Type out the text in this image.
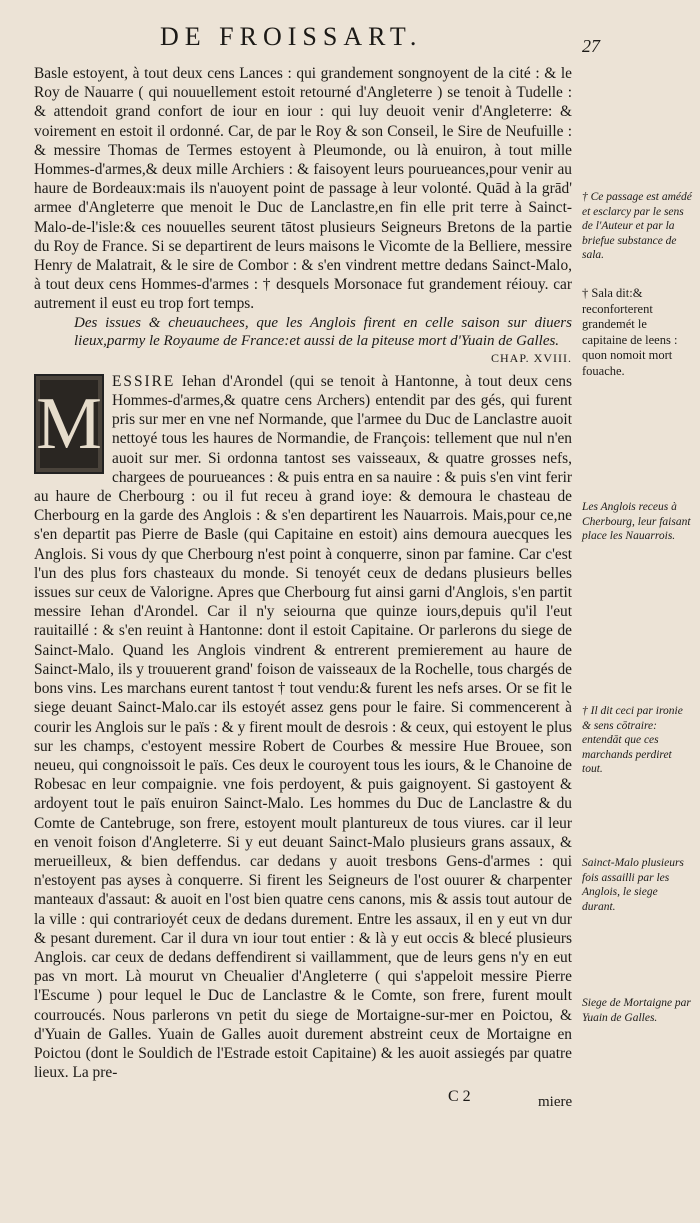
DE FROISSART.	27

Basle estoyent, à tout deux cens Lances : qui grandement songnoyent de la cité : & le Roy de Nauarre ( qui nouuellement estoit retourné d'Angleterre ) se tenoit à Tudelle : & attendoit grand confort de iour en iour : qui luy deuoit venir d'Angleterre: & voirement en estoit il ordonné. Car, de par le Roy & son Conseil, le Sire de Neufuille : & messire Thomas de Termes estoyent à Pleumonde, ou là enuiron, à tout mille Hommes-d'armes,& deux mille Archiers : & faisoyent leurs pourueances,pour venir au haure de Bordeaux:mais ils n'auoyent point de passage à leur volonté. Quād à la grād' armee d'Angleterre que menoit le Duc de Lanclastre,en fin elle prit terre à Sainct-Malo-de-l'isle:& ces nouuelles seurent tātost plusieurs Seigneurs Bretons de la partie du Roy de France. Si se departirent de leurs maisons le Vicomte de la Belliere, messire Henry de Malatrait, & le sire de Combor : & s'en vindrent mettre dedans Sainct-Malo, à tout deux cens Hommes-d'armes : † desquels Morsonace fut grandement réiouy. car autrement il eust eu trop fort temps.

Des issues & cheuauchees, que les Anglois firent en celle saison sur diuers lieux,parmy le Royaume de France:et aussi de la piteuse mort d'Yuain de Galles.

CHAP. XVIII.

M
ESSIRE Iehan d'Arondel (qui se tenoit à Hantonne, à tout deux cens Hommes-d'armes,& quatre cens Archers) entendit par des gés, qui furent pris sur mer en vne nef Normande, que l'armee du Duc de Lanclastre auoit nettoyé tous les haures de Normandie, de François: tellement que nul n'en auoit sur mer. Si ordonna tantost ses vaisseaux, & quatre grosses nefs, chargees de pourueances : & puis entra en sa nauire : & puis s'en vint ferir au haure de Cherbourg : ou il fut receu à grand ioye: & demoura le chasteau de Cherbourg en la garde des Anglois : & s'en departirent les Nauarrois. Mais,pour ce,ne s'en departit pas Pierre de Basle (qui Capitaine en estoit) ains demoura auecques les Anglois. Si vous dy que Cherbourg n'est point à conquerre, sinon par famine. Car c'est l'un des plus fors chasteaux du monde. Si tenoyét ceux de dedans plusieurs belles issues sur ceux de Valorigne. Apres que Cherbourg fut ainsi garni d'Anglois, s'en partit messire Iehan d'Arondel. Car il n'y seiourna que quinze iours,depuis qu'il l'eut rauitaillé : & s'en reuint à Hantonne: dont il estoit Capitaine. Or parlerons du siege de Sainct-Malo. Quand les Anglois vindrent & entrerent premierement au haure de Sainct-Malo, ils y trouuerent grand' foison de vaisseaux de la Rochelle, tous chargés de bons vins. Les marchans eurent tantost † tout vendu:& furent les nefs arses. Or se fit le siege deuant Sainct-Malo.car ils estoyét assez gens pour le faire. Si commencerent à courir les Anglois sur le païs : & y firent moult de desrois : & ceux, qui estoyent le plus sur les champs, c'estoyent messire Robert de Courbes & messire Hue Brouee, son neueu, qui congnoissoit le païs. Ces deux le couroyent tous les iours, & le Chanoine de Robesac en leur compaignie. vne fois perdoyent, & puis gaignoyent. Si gastoyent & ardoyent tout le païs enuiron Sainct-Malo. Les hommes du Duc de Lanclastre & du Comte de Cantebruge, son frere, estoyent moult plantureux de tous viures. car il leur en venoit foison d'Angleterre. Si y eut deuant Sainct-Malo plusieurs grans assaux, & merueilleux, & bien deffendus. car dedans y auoit tresbons Gens-d'armes : qui n'estoyent pas ayses à conquerre. Si firent les Seigneurs de l'ost ouurer & charpenter manteaux d'assaut: & auoit en l'ost bien quatre cens canons, mis & assis tout autour de la ville : qui contrarioyét ceux de dedans durement. Entre les assaux, il en y eut vn dur & pesant durement. Car il dura vn iour tout entier : & là y eut occis & blecé plusieurs Anglois. car ceux de dedans deffendirent si vaillamment, que de leurs gens n'y en eut pas vn mort. Là mourut vn Cheualier d'Angleterre ( qui s'appeloit messire Pierre l'Escume ) pour lequel le Duc de Lanclastre & le Comte, son frere, furent moult courroucés. Nous parlerons vn petit du siege de Mortaigne-sur-mer en Poictou, & d'Yuain de Galles. Yuain de Galles auoit durement abstreint ceux de Mortaigne en Poictou (dont le Souldich de l'Estrade estoit Capitaine) & les auoit assiegés par quatre lieux. La pre-

† Ce passage est amédé et esclarcy par le sens de l'Auteur et par la briefue substance de sala.
† Sala dit:& reconforterent grandemét le capitaine de leens : quon nomoit mort fouache.
Les Anglois receus à Cherbourg, leur faisant place les Nauarrois.
† Il dit ceci par ironie & sens cōtraire: entendāt que ces marchands perdiret tout.
Sainct-Malo plusieurs fois assailli par les Anglois, le siege durant.
Siege de Mortaigne par Yuain de Galles.
C 2	miere
